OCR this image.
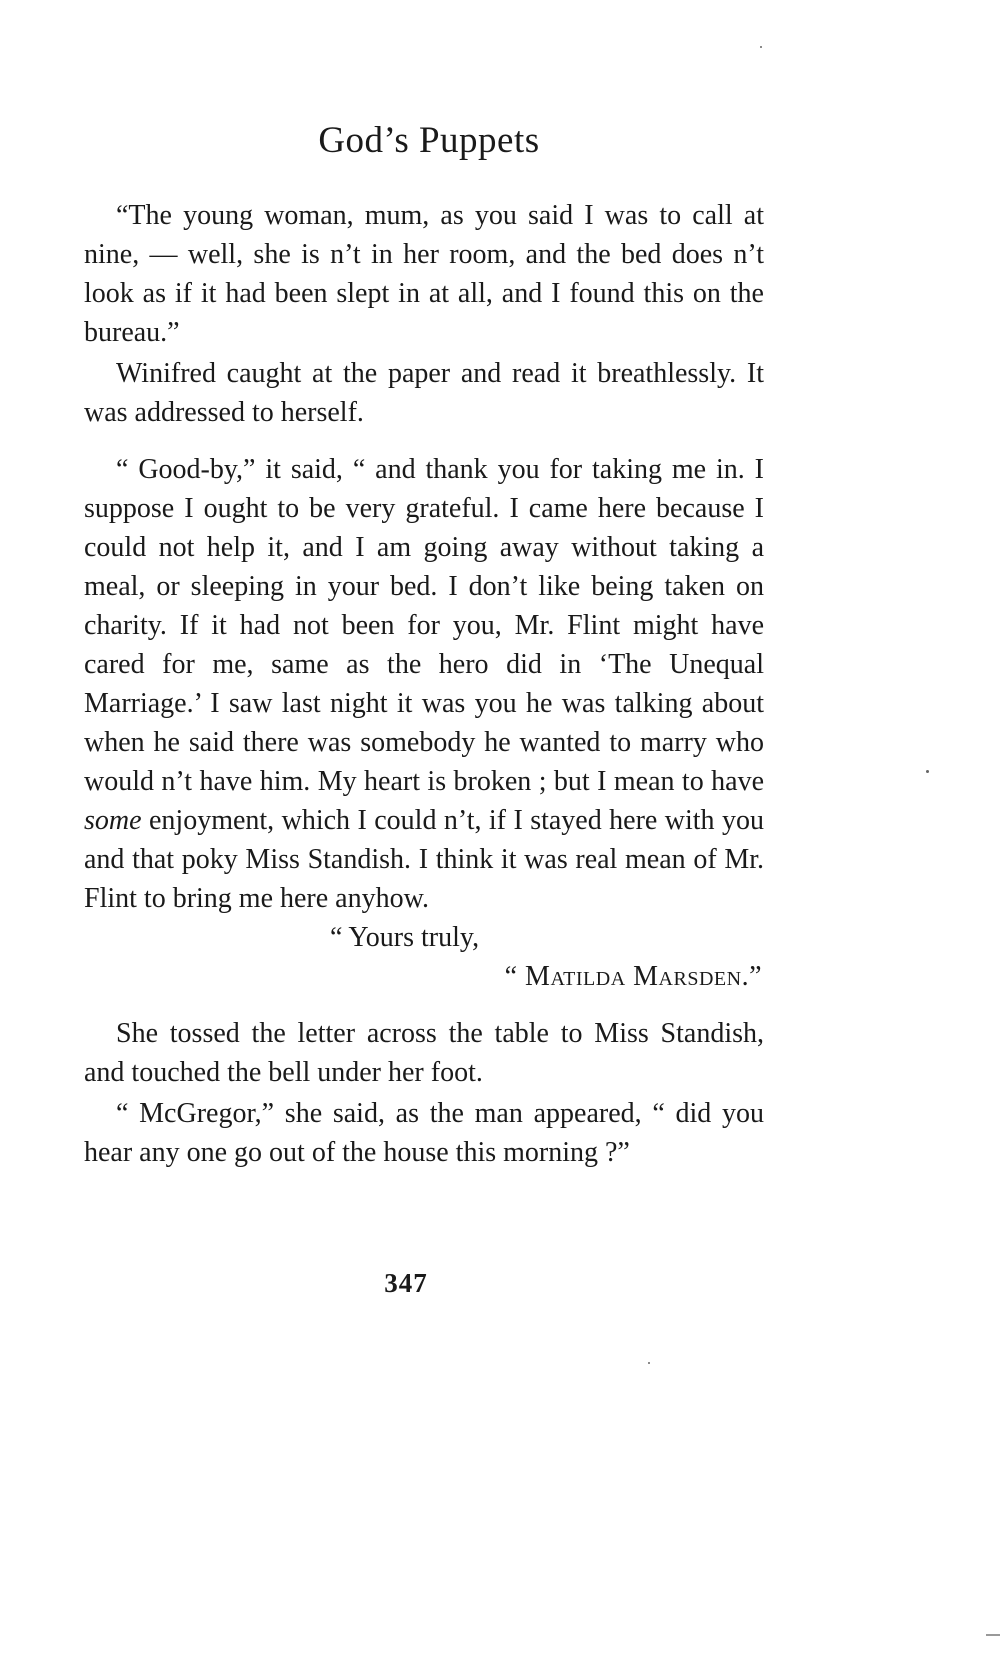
God’s Puppets

“The young woman, mum, as you said I was to call at nine, — well, she is n’t in her room, and the bed does n’t look as if it had been slept in at all, and I found this on the bureau.”

Winifred caught at the paper and read it breathlessly. It was addressed to herself.

“ Good-by,” it said, “ and thank you for taking me in. I suppose I ought to be very grateful. I came here because I could not help it, and I am going away without taking a meal, or sleeping in your bed. I don’t like being taken on charity. If it had not been for you, Mr. Flint might have cared for me, same as the hero did in ‘The Unequal Marriage.’ I saw last night it was you he was talking about when he said there was somebody he wanted to marry who would n’t have him. My heart is broken ; but I mean to have some enjoyment, which I could n’t, if I stayed here with you and that poky Miss Standish. I think it was real mean of Mr. Flint to bring me here anyhow.

“ Yours truly,

“ Matilda Marsden.”

She tossed the letter across the table to Miss Standish, and touched the bell under her foot.

“ McGregor,” she said, as the man appeared, “ did you hear any one go out of the house this morning ?”

347
